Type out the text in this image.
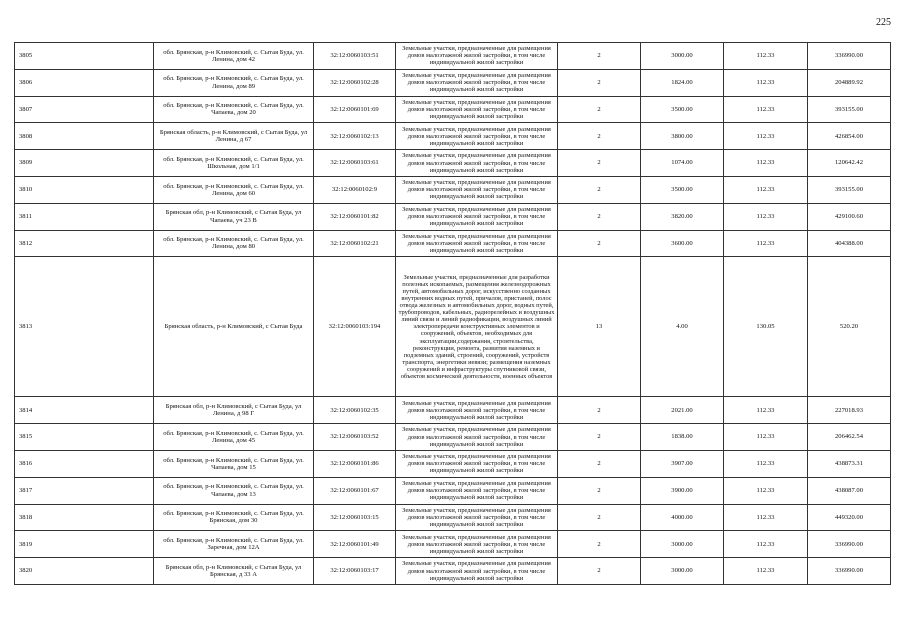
225
3805	обл. Брянская, р-н Климовский, с. Сытая Буда, ул. Ленина, дом 42	32:12:0060103:51	Земельные участки, предназначенные для размещения домов малоэтажной жилой застройки, в том числе индивидуальной жилой застройки	2	3000.00	112.33	336990.00
3806	обл. Брянская, р-н Климовский, с. Сытая Буда, ул. Ленина, дом 89	32:12:0060102:28	Земельные участки, предназначенные для размещения домов малоэтажной жилой застройки, в том числе индивидуальной жилой застройки	2	1824.00	112.33	204889.92
3807	обл. Брянская, р-н Климовский, с. Сытая Буда, ул. Чапаева, дом 20	32:12:0060101:69	Земельные участки, предназначенные для размещения домов малоэтажной жилой застройки, в том числе индивидуальной жилой застройки	2	3500.00	112.33	393155.00
3808	Брянская область, р-н Климовский, с Сытая Буда, ул Ленина, д 67	32:12:0060102:13	Земельные участки, предназначенные для размещения домов малоэтажной жилой застройки, в том числе индивидуальной жилой застройки	2	3800.00	112.33	426854.00
3809	обл. Брянская, р-н Климовский, с. Сытая Буда, ул. Школьная, дом 1/1	32:12:0060103:61	Земельные участки, предназначенные для размещения домов малоэтажной жилой застройки, в том числе индивидуальной жилой застройки	2	1074.00	112.33	120642.42
3810	обл. Брянская, р-н Климовский, с. Сытая Буда, ул. Ленина, дом 60	32:12:0060102:9	Земельные участки, предназначенные для размещения домов малоэтажной жилой застройки, в том числе индивидуальной жилой застройки	2	3500.00	112.33	393155.00
3811	Брянская обл, р-н Климовский, с Сытая Буда, ул Чапаева, уч 23 В	32:12:0060101:82	Земельные участки, предназначенные для размещения домов малоэтажной жилой застройки, в том числе индивидуальной жилой застройки	2	3820.00	112.33	429100.60
3812	обл. Брянская, р-н Климовский, с. Сытая Буда, ул. Ленина, дом 80	32:12:0060102:21	Земельные участки, предназначенные для размещения домов малоэтажной жилой застройки, в том числе индивидуальной жилой застройки	2	3600.00	112.33	404388.00
3813	Брянская область, р-н Климовский, с Сытая Буда	32:12:0060103:194	Земельные участки, предназначенные для разработки полезных ископаемых, размещения железнодорожных путей, автомобильных дорог, искусственно созданных внутренних водных путей, причалов, пристаней, полос отвода железных и автомобильных дорог, водных путей, трубопроводов, кабельных, радиорелейных и воздушных линий связи и линий радиофикации, воздушных линий электропередачи конструктивных элементов и сооружений, объектов, необходимых для эксплуатации,содержания, строительства, реконструкции, ремонта, развития наземных и подземных зданий, строений, сооружений, устройств транспорта, энергетики иевязи; размещения наземных сооружений и инфраструктуры спутниковой связи, объектов космической деятельности, военных объектов	13	4.00	130.05	520.20
3814	Брянская обл, р-н Климовский, с Сытая Буда, ул Ленина, д 98 Г	32:12:0060102:35	Земельные участки, предназначенные для размещения домов малоэтажной жилой застройки, в том числе индивидуальной жилой застройки	2	2021.00	112.33	227018.93
3815	обл. Брянская, р-н Климовский, с. Сытая Буда, ул. Ленина, дом 45	32:12:0060103:52	Земельные участки, предназначенные для размещения домов малоэтажной жилой застройки, в том числе индивидуальной жилой застройки	2	1838.00	112.33	206462.54
3816	обл. Брянская, р-н Климовский, с. Сытая Буда, ул. Чапаева, дом 15	32:12:0060101:86	Земельные участки, предназначенные для размещения домов малоэтажной жилой застройки, в том числе индивидуальной жилой застройки	2	3907.00	112.33	438873.31
3817	обл. Брянская, р-н Климовский, с. Сытая Буда, ул. Чапаева, дом 13	32:12:0060101:67	Земельные участки, предназначенные для размещения домов малоэтажной жилой застройки, в том числе индивидуальной жилой застройки	2	3900.00	112.33	438087.00
3818	обл. Брянская, р-н Климовский, с. Сытая Буда, ул. Брянская, дом 30	32:12:0060103:15	Земельные участки, предназначенные для размещения домов малоэтажной жилой застройки, в том числе индивидуальной жилой застройки	2	4000.00	112.33	449320.00
3819	обл. Брянская, р-н Климовский, с. Сытая Буда, ул. Заречная, дом 12А	32:12:0060101:49	Земельные участки, предназначенные для размещения домов малоэтажной жилой застройки, в том числе индивидуальной жилой застройки	2	3000.00	112.33	336990.00
3820	Брянская обл, р-н Климовский, с Сытая Буда, ул Брянская, д 33 А	32:12:0060103:17	Земельные участки, предназначенные для размещения домов малоэтажной жилой застройки, в том числе индивидуальной жилой застройки	2	3000.00	112.33	336990.00
